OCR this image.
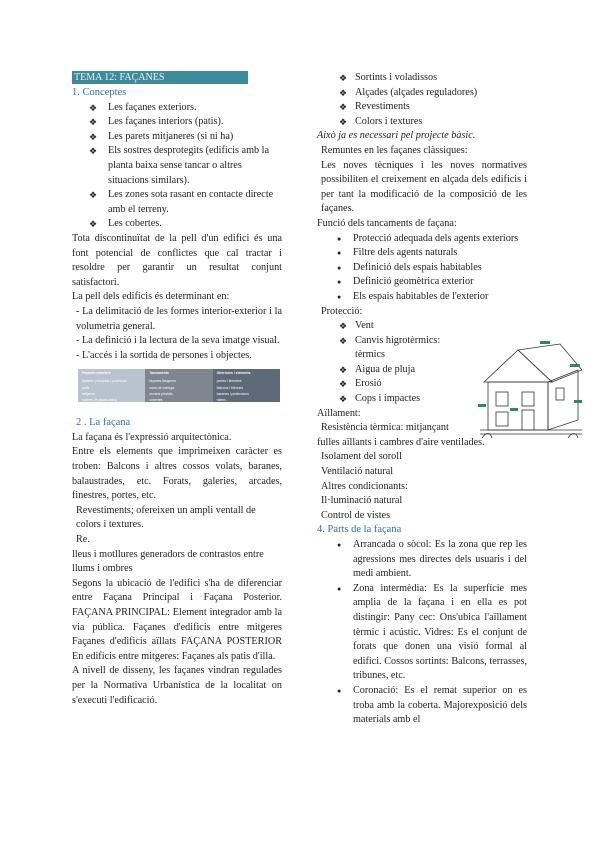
TEMA 12: FAÇANES

1. Conceptes

❖ Les façanes exteriors.
❖ Les façanes interiors (patis).
❖ Les parets mitjaneres (si ni ha)
❖ Els sostres desprotegits (edificis amb la planta baixa sense tancar o altres situacions similars).
❖ Les zones sota rasant en contacte directe amb el terreny.
❖ Les cobertes.

Tota discontinuïtat de la pell d'un edifici és una font potencial de conflictes que cal tractar i resoldre per garantir un resultat conjunt satisfactori.

La pell dels edificis és determinant en:

- La delimitació de les formes interior-exterior i la volumetria general.

- La definició i la lectura de la seva imatge visual.

- L'accés i la sortida de persones i objectes.

Façanes exteriors
façanes principals i posteriors
patis
mitgeres
sostres de planta baixa
zones sota rasant
Tancaments
façanes lleugeres
murs de càrrega
envans pluvials
cobertes
tancaments de vidre
Obertures i elements
portes i finestres
balcons i tribunes
baranes i proteccions
ràfecs

2 . La façana

La façana és l'expressió arquitectònica.

Entre els elements que imprimeixen caràcter es troben: Balcons i altres cossos volats, baranes, balaustrades, etc. Forats, galeries, arcades, finestres, portes, etc.

Revestiments; ofereixen un ampli ventall de colors i textures.

Re.

lleus i motllures generadors de contrastos entre llums i ombres

Segons la ubicació de l'edifici s'ha de diferenciar entre Façana Principal i Façana Posterior. FAÇANA PRINCIPAL: Element integrador amb la via pública. Façanes d'edificis entre mitgeres Façanes d'edificis aïllats FAÇANA POSTERIOR En edificis entre mitgeres: Façanes als patis d'illa.

A nivell de disseny, les façanes vindran regulades per la Normativa Urbanística de la localitat on s'executi l'edificació.

❖ Sortints i voladissos
❖ Alçades (alçades reguladores)
❖ Revestiments
❖ Colors i textures

Això ja es necessari pel projecte bàsic.

Remuntes en les façanes clàssiques:

Les noves tècniques i les noves normatives possibiliten el creixement en alçada dels edificis i per tant la modificació de la composició de les façanes.

Funció dels tancaments de façana:

● Protecció adequada dels agents exteriors
● Filtre dels agents naturals
● Definició dels espais habitables
● Definició geomètrica exterior
● Els espais habitables de l'exterior

Protecció:

❖ Vent
❖ Canvis higrotèrmics: tèrmics
❖ Aigua de pluja
❖ Erosió
❖ Cops i impactes

Aïllament:

Resistència tèrmica: mitjançant

fulles aïllants i cambres d'aire ventilades.

Isolament del soroll

Ventilació natural

Altres condicionants:

Il·luminació natural

Control de vistes

4. Parts de la façana

● Arrancada o sòcol: Es la zona que rep les agressions mes directes dels usuaris i del medi ambient.
● Zona intermèdia: Es la superfície mes amplia de la façana i en ella es pot distingir: Pany cec: Ons'ubica l'aïllament tèrmic i acústic. Vidres: Es el conjunt de forats que donen una visió formal al edifici. Cossos sortints: Balcons, terrasses, tribunes, etc.
● Coronació: Es el remat superior on es troba amb la coberta. Majorexposició dels materials amb el
